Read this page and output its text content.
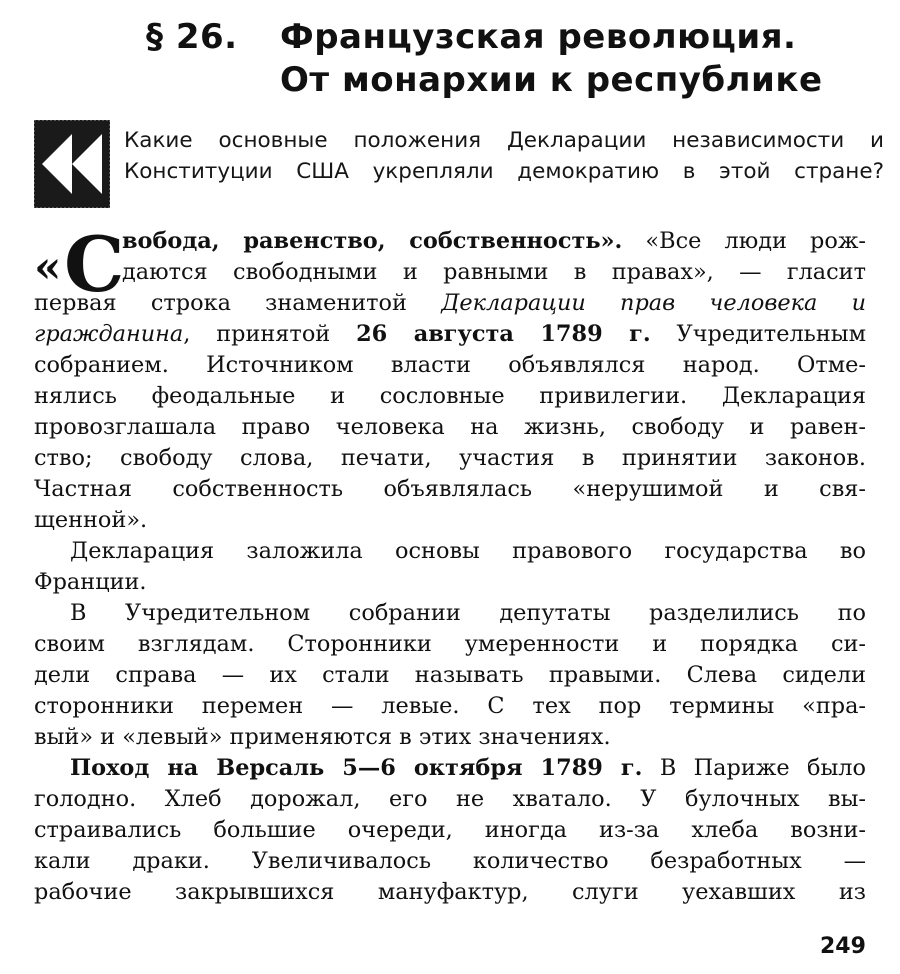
§ 26. Французская революция.
От монархии к республике
Какие основные положения Декларации независимости и
Конституции США укрепляли демократию в этой стране?
« С
вобода, равенство, собственность». «Все люди рож-
даются свободными и равными в правах», — гласит
первая строка знаменитой Декларации прав человека и
гражданина, принятой 26 августа 1789 г. Учредительным
собранием. Источником власти объявлялся народ. Отме-
нялись феодальные и сословные привилегии. Декларация
провозглашала право человека на жизнь, свободу и равен-
ство; свободу слова, печати, участия в принятии законов.
Частная собственность объявлялась «нерушимой и свя-
щенной».
Декларация заложила основы правового государства во
Франции.
В Учредительном собрании депутаты разделились по
своим взглядам. Сторонники умеренности и порядка си-
дели справа — их стали называть правыми. Слева сидели
сторонники перемен — левые. С тех пор термины «пра-
вый» и «левый» применяются в этих значениях.
Поход на Версаль 5—6 октября 1789 г. В Париже было
голодно. Хлеб дорожал, его не хватало. У булочных вы-
страивались большие очереди, иногда из-за хлеба возни-
кали драки. Увеличивалось количество безработных —
рабочие закрывшихся мануфактур, слуги уехавших из
249
